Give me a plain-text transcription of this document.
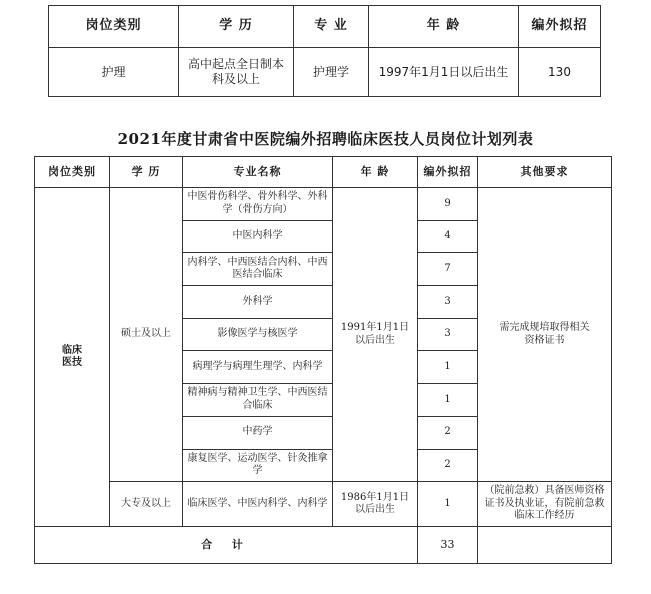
岗位类别	学 历	专 业	年 龄	编外拟招
护理	高中起点全日制本科及以上	护理学	1997年1月1日以后出生	130
2021年度甘肃省中医院编外招聘临床医技人员岗位计划列表
岗位类别	学 历	专业名称	年 龄	编外拟招	其他要求

临床医技	硕士及以上	中医骨伤科学、骨外科学、外科学（骨伤方向）	1991年1月1日以后出生	9	需完成规培取得相关资格证书
		中医内科学		4	
		内科学、中西医结合内科、中西医结合临床		7	
		外科学		3	
		影像医学与核医学		3	
		病理学与病理生理学、内科学		1	
		精神病与精神卫生学、中西医结合临床		1	
		中药学		2	
		康复医学、运动医学、针灸推拿学		2	
	大专及以上	临床医学、中医内科学、内科学	1986年1月1日以后出生	1	（院前急救）具备医师资格证书及执业证，有院前急救临床工作经历
合 计				33	
